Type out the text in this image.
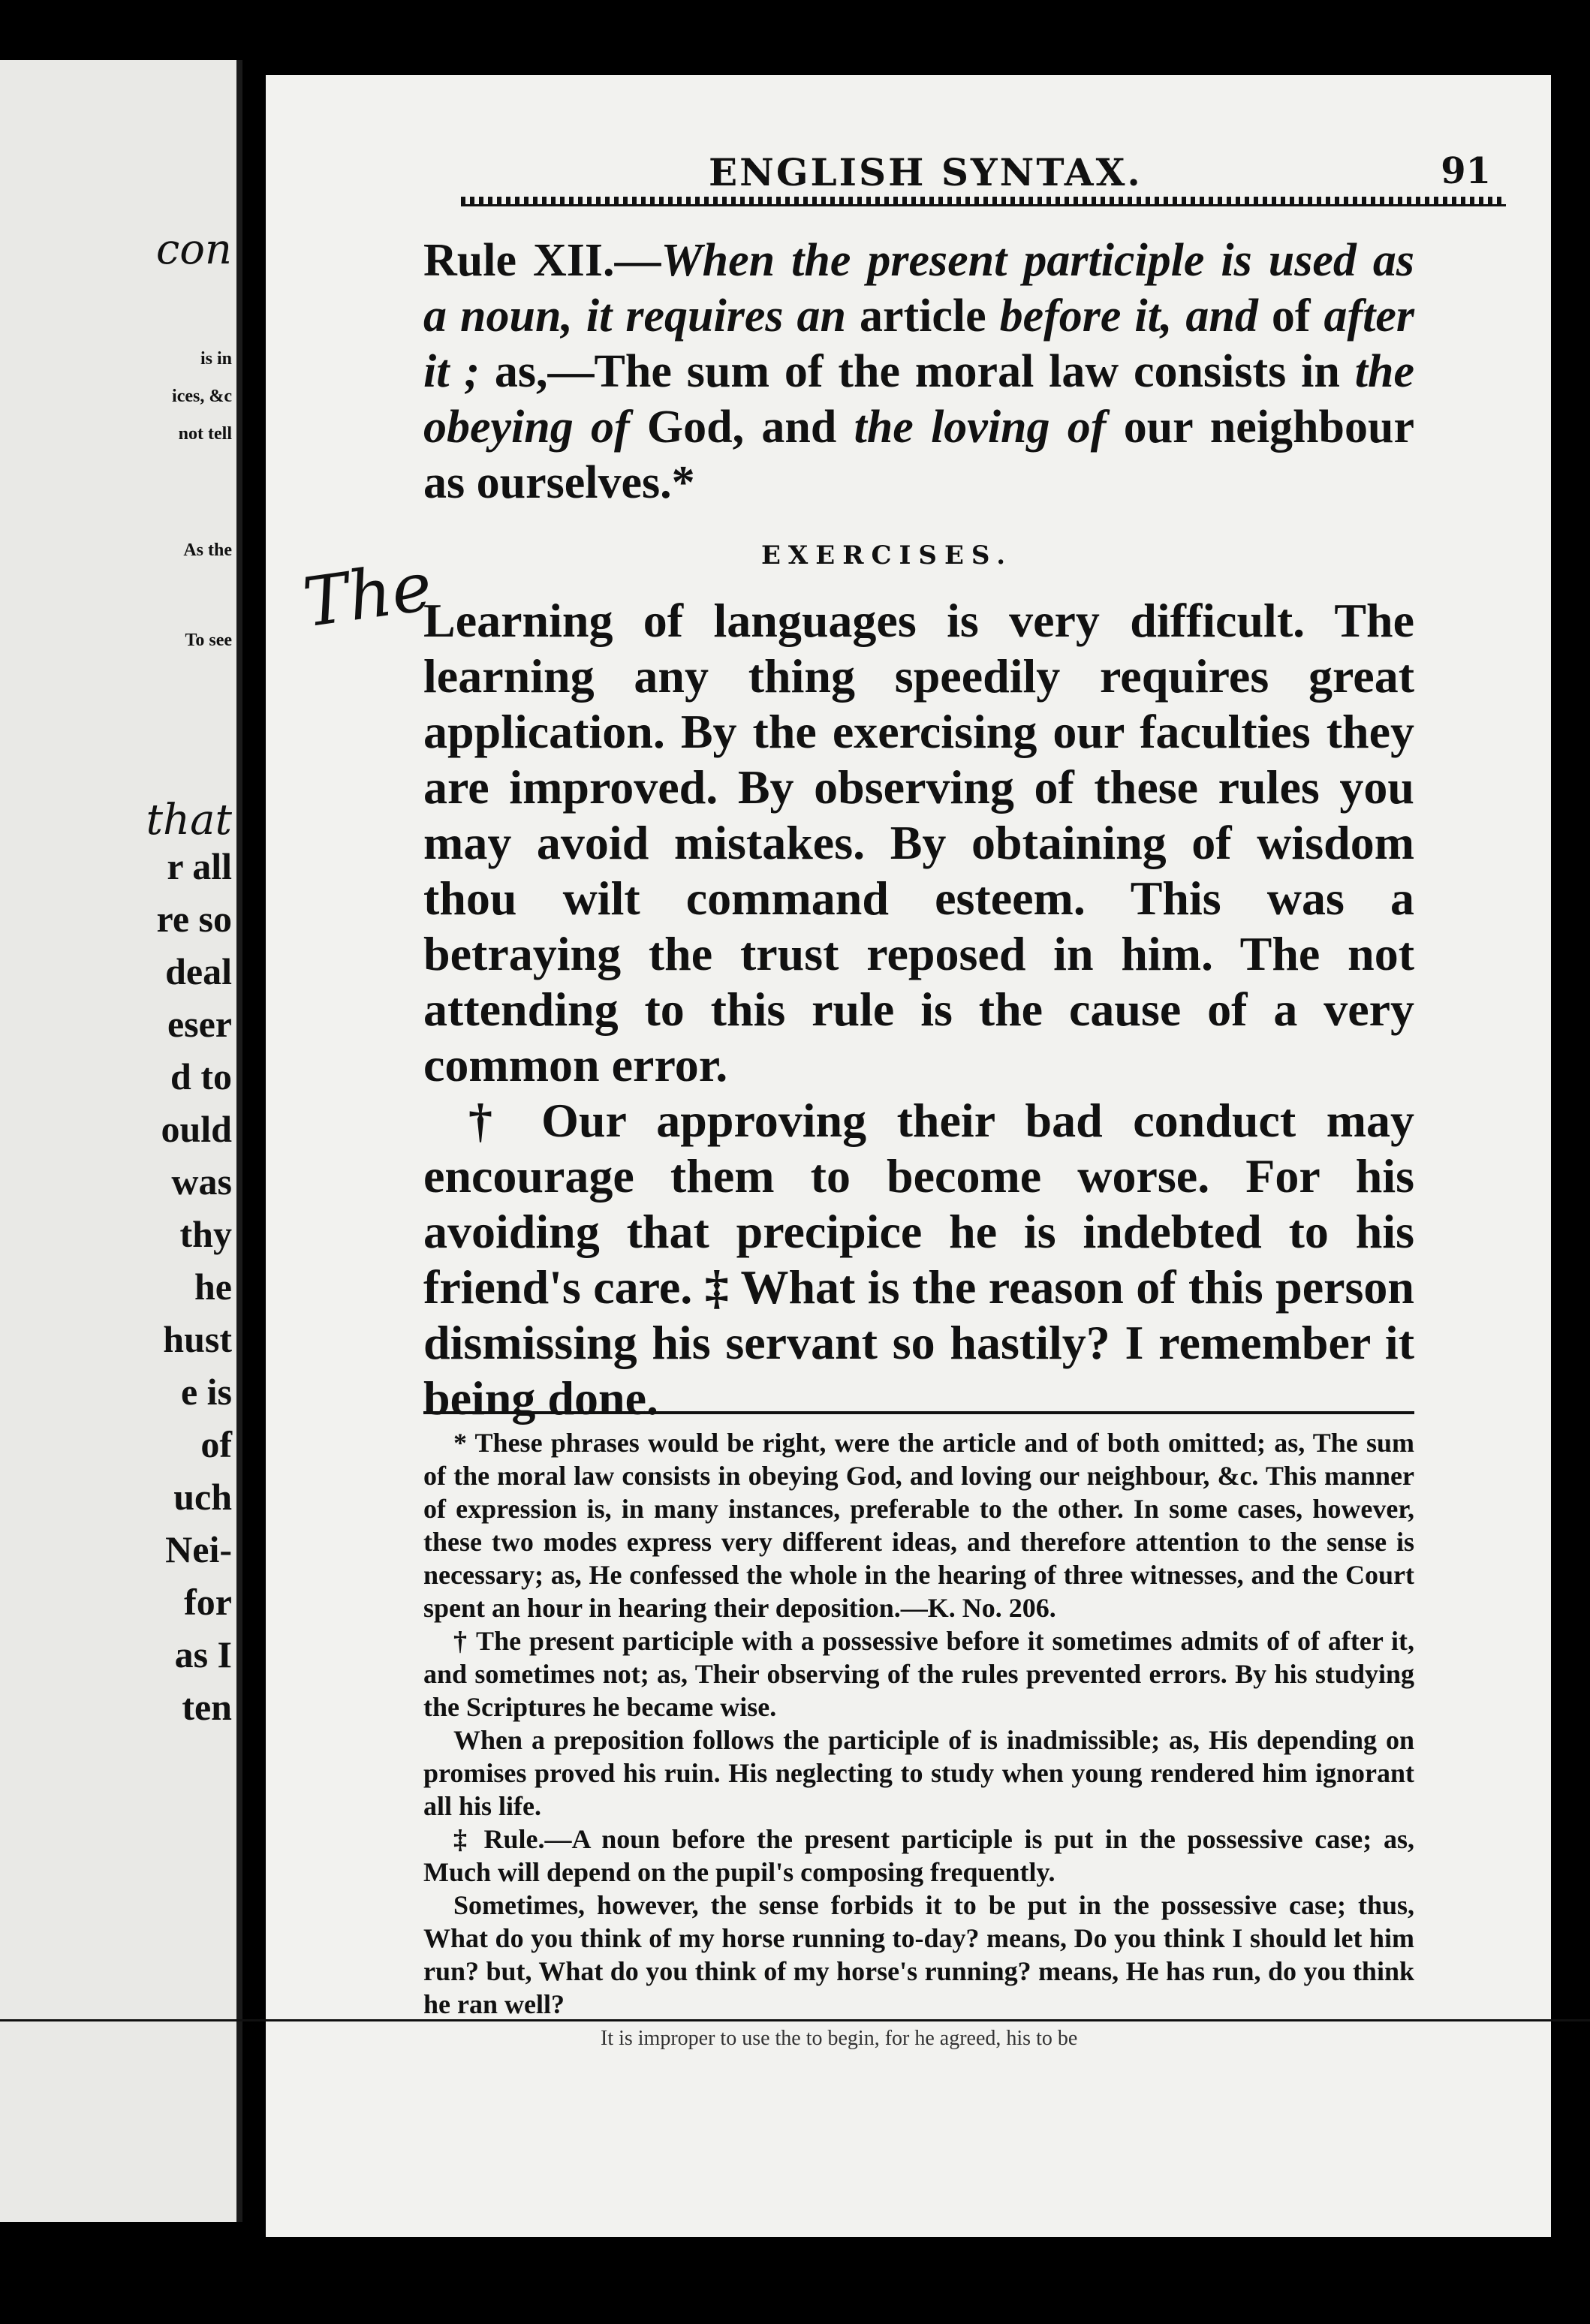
con
is in
ices, &c
not tell
As the
To see
that
r all
re so
deal
eser
d to
ould
was
thy
he
hust
e is
of
uch
Nei-
for
as I
ten
ENGLISH SYNTAX.	91
Rule XII.—When the present participle is used as a noun, it requires an article before it, and of after it ; as,—The sum of the moral law consists in the obeying of God, and the loving of our neighbour as ourselves.*
EXERCISES.
The

Learning of languages is very difficult. The learning any thing speedily requires great application. By the exercising our faculties they are improved. By observing of these rules you may avoid mistakes. By obtaining of wisdom thou wilt command esteem. This was a betraying the trust reposed in him. The not attending to this rule is the cause of a very common error.

† Our approving their bad conduct may encourage them to become worse. For his avoiding that precipice he is indebted to his friend's care. ‡ What is the reason of this person dismissing his servant so hastily? I remember it being done.

* These phrases would be right, were the article and of both omitted; as, The sum of the moral law consists in obeying God, and loving our neighbour, &c. This manner of expression is, in many instances, preferable to the other. In some cases, however, these two modes express very different ideas, and therefore attention to the sense is necessary; as, He confessed the whole in the hearing of three witnesses, and the Court spent an hour in hearing their deposition.—K. No. 206.

† The present participle with a possessive before it sometimes admits of of after it, and sometimes not; as, Their observing of the rules prevented errors. By his studying the Scriptures he became wise.

When a preposition follows the participle of is inadmissible; as, His depending on promises proved his ruin. His neglecting to study when young rendered him ignorant all his life.

‡ Rule.—A noun before the present participle is put in the possessive case; as, Much will depend on the pupil's composing frequently.

Sometimes, however, the sense forbids it to be put in the possessive case; thus, What do you think of my horse running to-day? means, Do you think I should let him run? but, What do you think of my horse's running? means, He has run, do you think he ran well?

It is improper to use the to begin, for he agreed, his to be
